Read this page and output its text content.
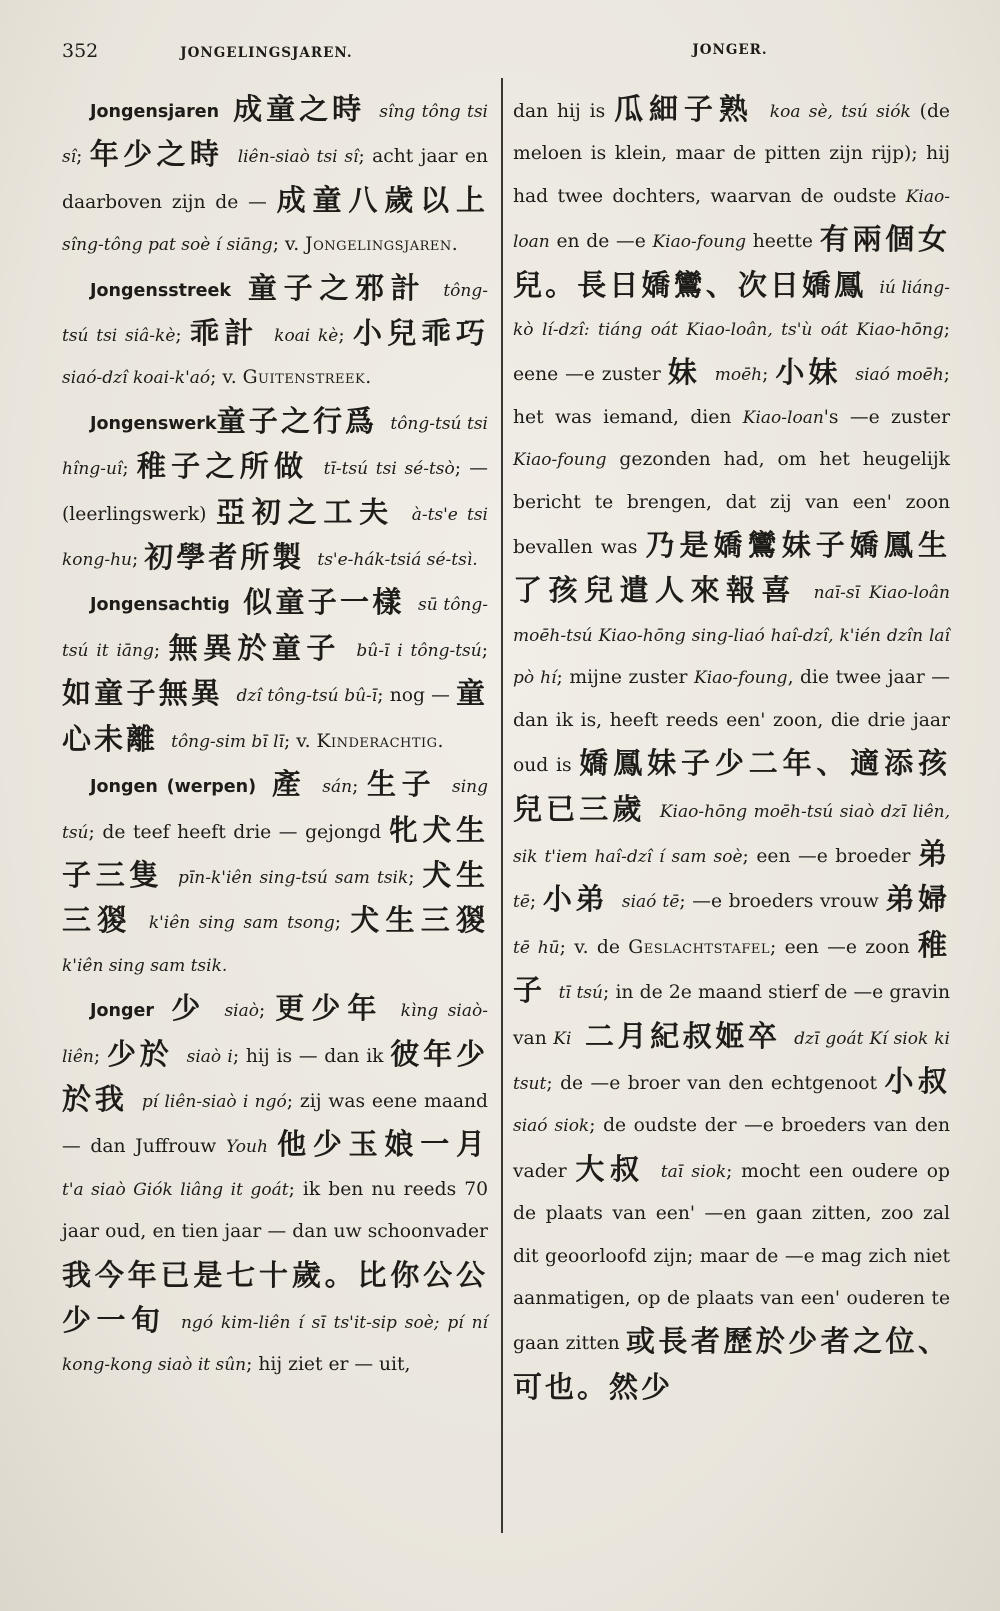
352	JONGELINGSJAREN.	JONGER.

Jongensjaren 成童之時 sîng tông tsi sî; 年少之時 liên-siaò tsi sî; acht jaar en daarboven zijn de — 成童八歲以上 sîng-tông pat soè í siāng; v. Jongelingsjaren.

Jongensstreek 童子之邪計 tông-tsú tsi siâ-kè; 乖計 koai kè; 小兒乖巧 siaó-dzî koai-k'aó; v. Guitenstreek.

Jongenswerk童子之行爲 tông-tsú tsi hîng-uî; 稚子之所做 tī-tsú tsi sé-tsò; — (leerlingswerk) 亞初之工夫 à-ts'e tsi kong-hu; 初學者所製 ts'e-hák-tsiá sé-tsì.

Jongensachtig 似童子一樣 sū tông-tsú it iāng; 無異於童子 bû-ī i tông-tsú; 如童子無異 dzî tông-tsú bû-ī; nog — 童心未離 tông-sim bī lī; v. Kinderachtig.

Jongen (werpen) 產 sán; 生子 sing tsú; de teef heeft drie — gejongd 牝犬生子三隻 pīn-k'iên sing-tsú sam tsik; 犬生三猣 k'iên sing sam tsong; 犬生三猣 k'iên sing sam tsik.

Jonger 少 siaò; 更少年 kìng siaò-liên; 少於 siaò i; hij is — dan ik 彼年少於我 pí liên-siaò i ngó; zij was eene maand — dan Juffrouw Youh 他少玉娘一月 t'a siaò Giók liâng it goát; ik ben nu reeds 70 jaar oud, en tien jaar — dan uw schoonvader 我今年已是七十歲。比你公公少一旬 ngó kim-liên í sī ts'it-sip soè; pí ní kong-kong siaò it sûn; hij ziet er — uit,

dan hij is 瓜細子熟 koa sè, tsú siók (de meloen is klein, maar de pitten zijn rijp); hij had twee dochters, waarvan de oudste Kiao-loan en de —e Kiao-foung heette 有兩個女兒。長日嬌鸞、次日嬌鳳 iú liáng-kò lí-dzî: tiáng oát Kiao-loân, ts'ù oát Kiao-hōng; eene —e zuster 妹 moēh; 小妹 siaó moēh; het was iemand, dien Kiao-loan's —e zuster Kiao-foung gezonden had, om het heugelijk bericht te brengen, dat zij van een' zoon bevallen was 乃是嬌鸞妹子嬌鳳生了孩兒遣人來報喜 naī-sī Kiao-loân moēh-tsú Kiao-hōng sing-liaó haî-dzî, k'ién dzîn laî pò hí; mijne zuster Kiao-foung, die twee jaar — dan ik is, heeft reeds een' zoon, die drie jaar oud is 嬌鳳妹子少二年、適添孩兒已三歲 Kiao-hōng moēh-tsú siaò dzī liên, sik t'iem haî-dzî í sam soè; een —e broeder 弟 tē; 小弟 siaó tē; —e broeders vrouw 弟婦 tē hū; v. de Geslachtstafel; een —e zoon 稚子 tī tsú; in de 2e maand stierf de —e gravin van Ki 二月紀叔姬卒 dzī goát Kí siok ki tsut; de —e broer van den echtgenoot 小叔 siaó siok; de oudste der —e broeders van den vader 大叔 taī siok; mocht een oudere op de plaats van een' —en gaan zitten, zoo zal dit geoorloofd zijn; maar de —e mag zich niet aanmatigen, op de plaats van een' ouderen te gaan zitten 或長者歷於少者之位、可也。然少
